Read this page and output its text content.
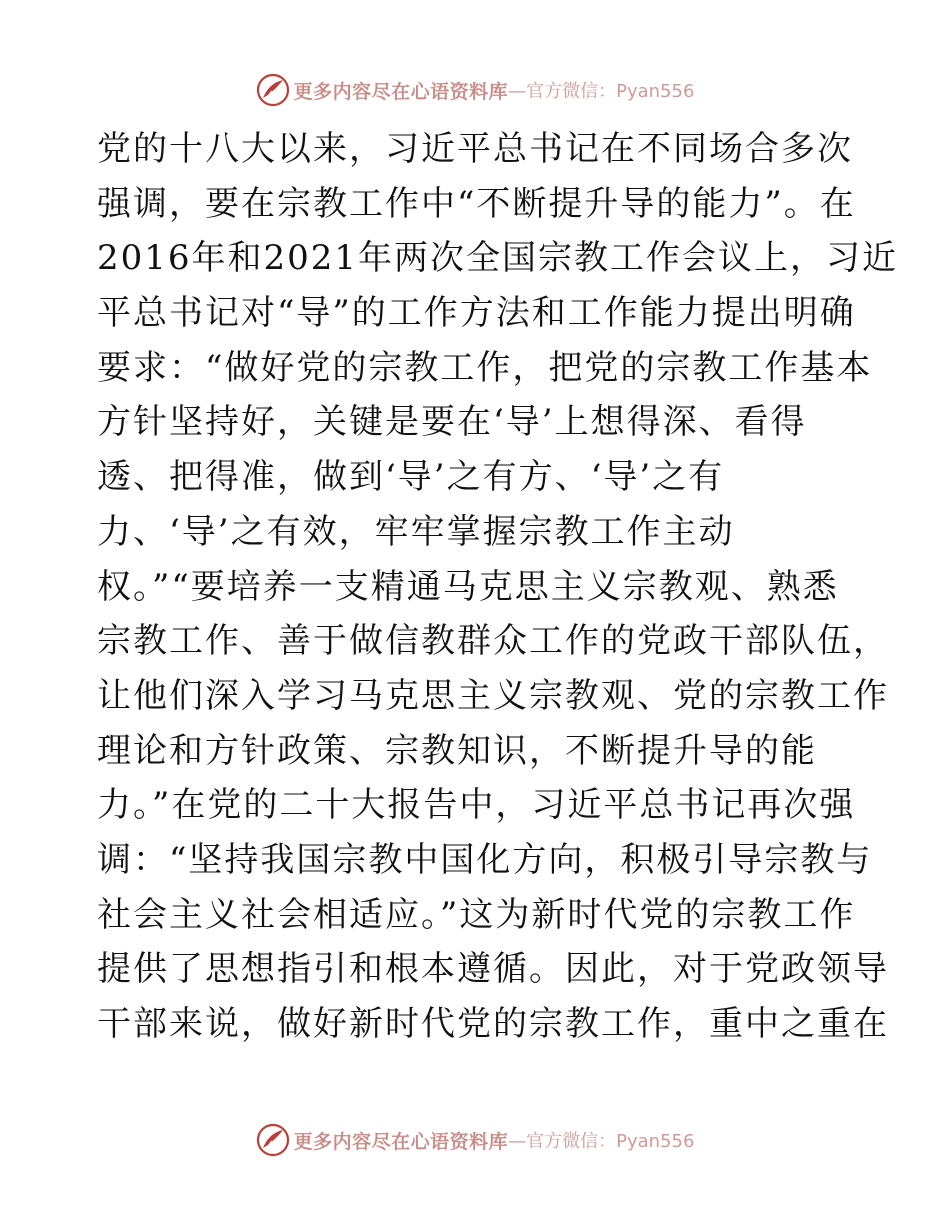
更多内容尽在心语资料库 —官方微信：Pyan556
党的十八大以来，习近平总书记在不同场合多次
强调，要在宗教工作中“不断提升导的能力”。在
2016年和2021年两次全国宗教工作会议上，习近
平总书记对“导”的工作方法和工作能力提出明确
要求：“做好党的宗教工作，把党的宗教工作基本
方针坚持好，关键是要在‘导’上想得深、看得
透、把得准，做到‘导’之有方、‘导’之有
力、‘导’之有效，牢牢掌握宗教工作主动
权。”“要培养一支精通马克思主义宗教观、熟悉
宗教工作、善于做信教群众工作的党政干部队伍，
让他们深入学习马克思主义宗教观、党的宗教工作
理论和方针政策、宗教知识，不断提升导的能
力。”在党的二十大报告中，习近平总书记再次强
调：“坚持我国宗教中国化方向，积极引导宗教与
社会主义社会相适应。”这为新时代党的宗教工作
提供了思想指引和根本遵循。因此，对于党政领导
干部来说，做好新时代党的宗教工作，重中之重在
更多内容尽在心语资料库 —官方微信：Pyan556
